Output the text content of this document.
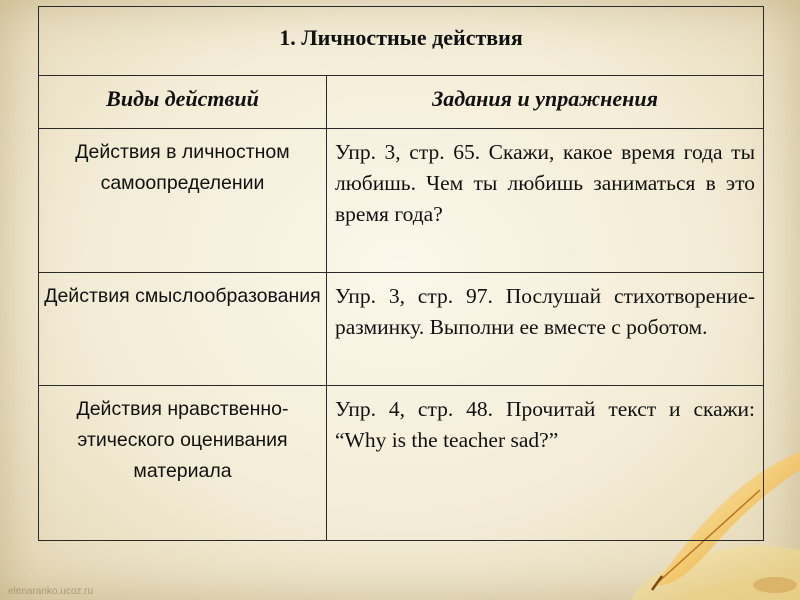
1. Личностные действия	
Виды действий	Задания и упражнения
Действия в личностном самоопределении	Упр. 3, стр. 65. Скажи, какое время года ты любишь. Чем ты любишь заниматься в это время года?
Действия смыслообразования	Упр. 3, стр. 97. Послушай стихотворение-разминку. Выполни ее вместе с роботом.
Действия нравственно-этического оценивания материала	Упр. 4, стр. 48. Прочитай текст и скажи: “Why is the teacher sad?”
elenaranko.ucoz.ru
